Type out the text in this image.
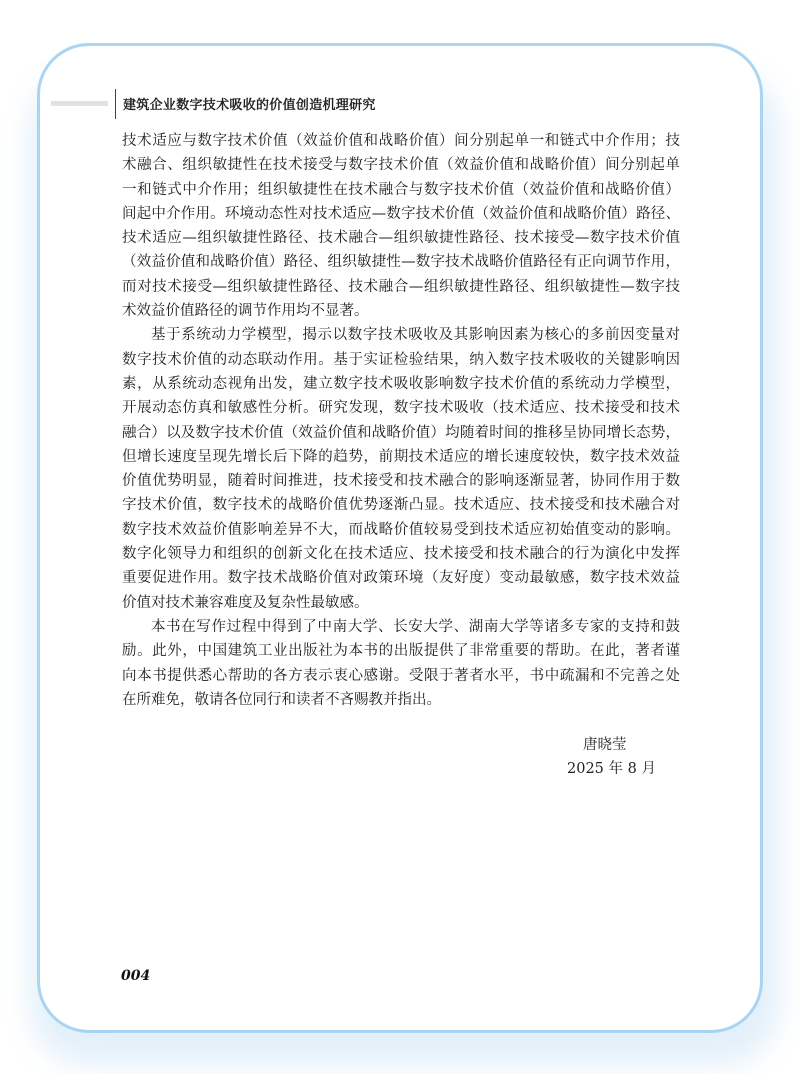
建筑企业数字技术吸收的价值创造机理研究
技术适应与数字技术价值（效益价值和战略价值）间分别起单一和链式中介作用；技
术融合、组织敏捷性在技术接受与数字技术价值（效益价值和战略价值）间分别起单
一和链式中介作用；组织敏捷性在技术融合与数字技术价值（效益价值和战略价值）
间起中介作用。环境动态性对技术适应—数字技术价值（效益价值和战略价值）路径、
技术适应—组织敏捷性路径、技术融合—组织敏捷性路径、技术接受—数字技术价值
（效益价值和战略价值）路径、组织敏捷性—数字技术战略价值路径有正向调节作用，
而对技术接受—组织敏捷性路径、技术融合—组织敏捷性路径、组织敏捷性—数字技
术效益价值路径的调节作用均不显著。
基于系统动力学模型，揭示以数字技术吸收及其影响因素为核心的多前因变量对
数字技术价值的动态联动作用。基于实证检验结果，纳入数字技术吸收的关键影响因
素，从系统动态视角出发，建立数字技术吸收影响数字技术价值的系统动力学模型，
开展动态仿真和敏感性分析。研究发现，数字技术吸收（技术适应、技术接受和技术
融合）以及数字技术价值（效益价值和战略价值）均随着时间的推移呈协同增长态势，
但增长速度呈现先增长后下降的趋势，前期技术适应的增长速度较快，数字技术效益
价值优势明显，随着时间推进，技术接受和技术融合的影响逐渐显著，协同作用于数
字技术价值，数字技术的战略价值优势逐渐凸显。技术适应、技术接受和技术融合对
数字技术效益价值影响差异不大，而战略价值较易受到技术适应初始值变动的影响。
数字化领导力和组织的创新文化在技术适应、技术接受和技术融合的行为演化中发挥
重要促进作用。数字技术战略价值对政策环境（友好度）变动最敏感，数字技术效益
价值对技术兼容难度及复杂性最敏感。
本书在写作过程中得到了中南大学、长安大学、湖南大学等诸多专家的支持和鼓
励。此外，中国建筑工业出版社为本书的出版提供了非常重要的帮助。在此，著者谨
向本书提供悉心帮助的各方表示衷心感谢。受限于著者水平，书中疏漏和不完善之处
在所难免，敬请各位同行和读者不吝赐教并指出。
唐晓莹
2025 年 8 月
004
